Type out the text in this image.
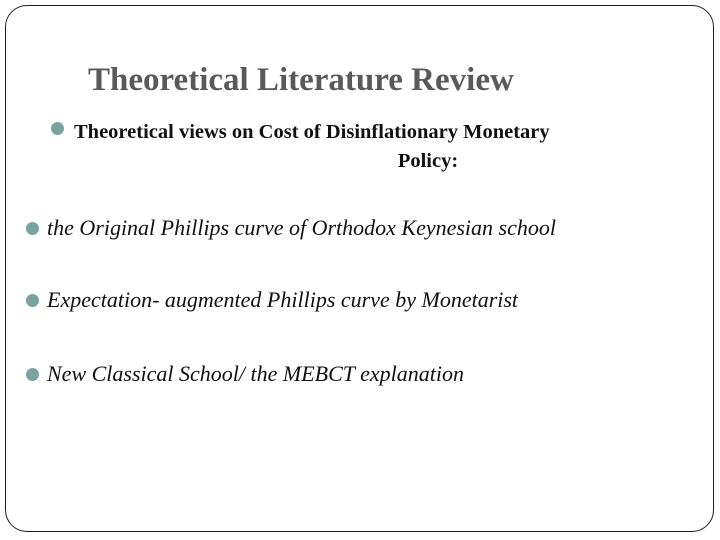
Theoretical Literature Review

Theoretical views on Cost of Disinflationary Monetary
Policy:

the Original Phillips curve of Orthodox Keynesian school

Expectation- augmented Phillips curve by Monetarist

New Classical School/ the MEBCT explanation
